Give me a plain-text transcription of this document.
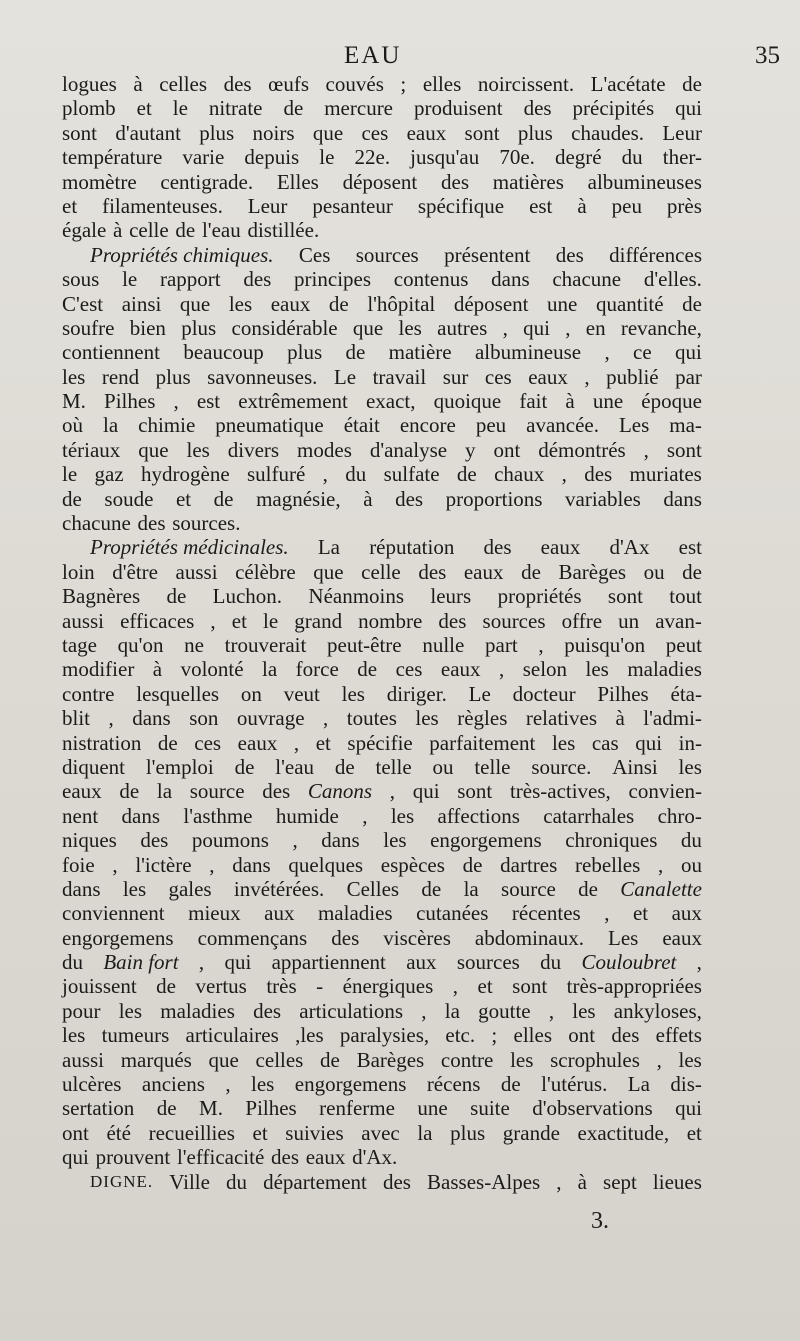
EAU	35
logues à celles des œufs couvés ; elles noircissent. L'acétate de
plomb et le nitrate de mercure produisent des précipités qui
sont d'autant plus noirs que ces eaux sont plus chaudes. Leur
température varie depuis le 22e. jusqu'au 70e. degré du ther-
momètre centigrade. Elles déposent des matières albumineuses
et filamenteuses. Leur pesanteur spécifique est à peu près
égale à celle de l'eau distillée.
Propriétés chimiques. Ces sources présentent des différences
sous le rapport des principes contenus dans chacune d'elles.
C'est ainsi que les eaux de l'hôpital déposent une quantité de
soufre bien plus considérable que les autres , qui , en revanche,
contiennent beaucoup plus de matière albumineuse , ce qui
les rend plus savonneuses. Le travail sur ces eaux , publié par
M. Pilhes , est extrêmement exact, quoique fait à une époque
où la chimie pneumatique était encore peu avancée. Les ma-
tériaux que les divers modes d'analyse y ont démontrés , sont
le gaz hydrogène sulfuré , du sulfate de chaux , des muriates
de soude et de magnésie, à des proportions variables dans
chacune des sources.
Propriétés médicinales. La réputation des eaux d'Ax est
loin d'être aussi célèbre que celle des eaux de Barèges ou de
Bagnères de Luchon. Néanmoins leurs propriétés sont tout
aussi efficaces , et le grand nombre des sources offre un avan-
tage qu'on ne trouverait peut-être nulle part , puisqu'on peut
modifier à volonté la force de ces eaux , selon les maladies
contre lesquelles on veut les diriger. Le docteur Pilhes éta-
blit , dans son ouvrage , toutes les règles relatives à l'admi-
nistration de ces eaux , et spécifie parfaitement les cas qui in-
diquent l'emploi de l'eau de telle ou telle source. Ainsi les
eaux de la source des Canons , qui sont très-actives, convien-
nent dans l'asthme humide , les affections catarrhales chro-
niques des poumons , dans les engorgemens chroniques du
foie , l'ictère , dans quelques espèces de dartres rebelles , ou
dans les gales invétérées. Celles de la source de Canalette
conviennent mieux aux maladies cutanées récentes , et aux
engorgemens commençans des viscères abdominaux. Les eaux
du Bain fort , qui appartiennent aux sources du Couloubret ,
jouissent de vertus très - énergiques , et sont très-appropriées
pour les maladies des articulations , la goutte , les ankyloses,
les tumeurs articulaires ,les paralysies, etc. ; elles ont des effets
aussi marqués que celles de Barèges contre les scrophules , les
ulcères anciens , les engorgemens récens de l'utérus. La dis-
sertation de M. Pilhes renferme une suite d'observations qui
ont été recueillies et suivies avec la plus grande exactitude, et
qui prouvent l'efficacité des eaux d'Ax.
DIGNE. Ville du département des Basses-Alpes , à sept lieues
3.
